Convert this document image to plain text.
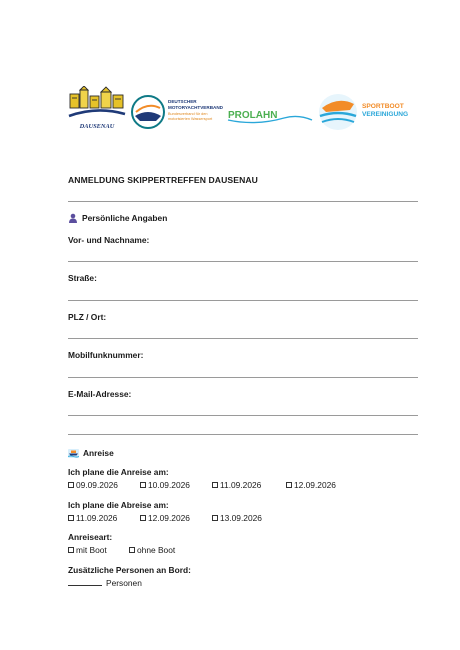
DAUSENAU
DEUTSCHER
MOTORYACHTVERBAND
Bundesverband für den
motorisierten Wassersport PROLAHN
SPORTBOOT
VEREINIGUNG
ANMELDUNG SKIPPERTREFFEN DAUSENAU
Persönliche Angaben
Vor- und Nachname:
Straße:
PLZ / Ort:
Mobilfunknummer:
E-Mail-Adresse:
Anreise
Ich plane die Anreise am:
09.09.2026	10.09.2026	11.09.2026	12.09.2026
Ich plane die Abreise am:
11.09.2026	12.09.2026	13.09.2026
Anreiseart:
mit Boot	ohne Boot
Zusätzliche Personen an Bord:
Personen
